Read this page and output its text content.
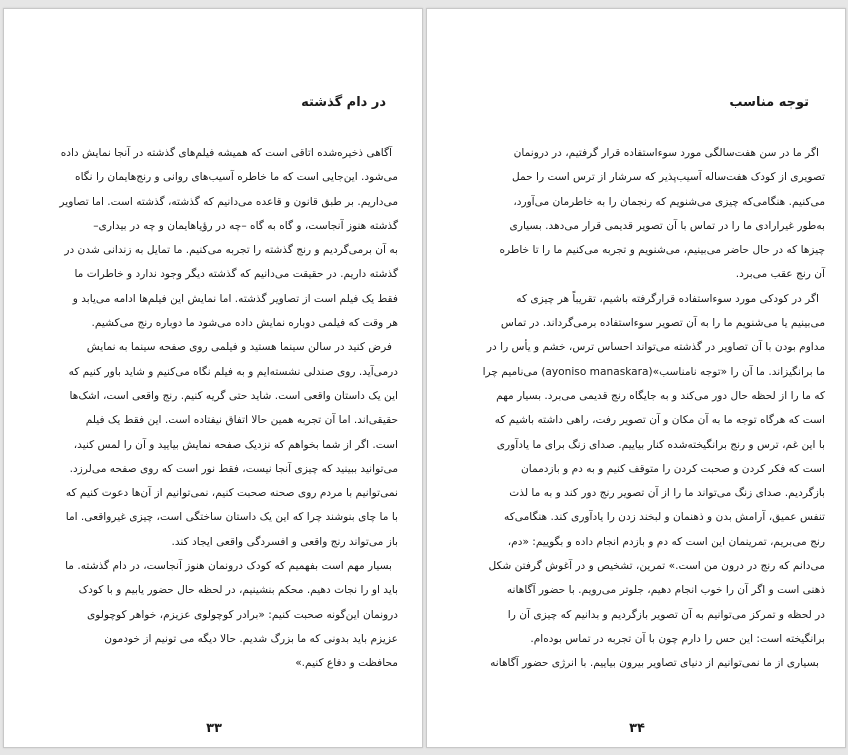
در دام گذشته
آگاهی ذخیره‌شده اتاقی است که همیشه فیلم‌های گذشته در آنجا نمایش داده
می‌شود. این‌جایی است که ما خاطره آسیب‌های روانی و رنج‌هایمان را نگاه
می‌داریم. بر طبق قانون و قاعده می‌دانیم که گذشته، گذشته است. اما تصاویر
گذشته هنوز آنجاست، و گاه به گاه –چه در رؤیاهایمان و چه در بیداری–
به آن برمی‌گردیم و رنج گذشته را تجربه می‌کنیم. ما تمایل به زندانی شدن در
گذشته داریم. در حقیقت می‌دانیم که گذشته دیگر وجود ندارد و خاطرات ما
فقط یک فیلم است از تصاویر گذشته. اما نمایش این فیلم‌ها ادامه می‌یابد و
هر وقت که فیلمی دوباره نمایش داده می‌شود ما دوباره رنج می‌کشیم.
فرض کنید در سالن سینما هستید و فیلمی روی صفحه سینما به نمایش
درمی‌آید. روی صندلی نشسته‌ایم و به فیلم نگاه می‌کنیم و شاید باور کنیم که
این یک داستان واقعی است. شاید حتی گریه کنیم. رنج واقعی است، اشک‌ها
حقیقی‌اند. اما آن تجربه همین حالا اتفاق نیفتاده است. این فقط یک فیلم
است. اگر از شما بخواهم که نزدیک صفحه نمایش بیایید و آن را لمس کنید،
می‌توانید ببینید که چیزی آنجا نیست، فقط نور است که روی صفحه می‌لرزد.
نمی‌توانیم با مردم روی صحنه صحبت کنیم، نمی‌توانیم از آن‌ها دعوت کنیم که
با ما چای بنوشند چرا که این یک داستان ساختگی است، چیزی غیرواقعی. اما
باز می‌تواند رنج واقعی و افسردگی واقعی ایجاد کند.
بسیار مهم است بفهمیم که کودک درونمان هنوز آنجاست، در دام گذشته. ما
باید او را نجات دهیم. محکم بنشینیم، در لحظه حال حضور یابیم و با کودک
درونمان این‌گونه صحبت کنیم: «برادر کوچولوی عزیزم، خواهر کوچولوی
عزیزم باید بدونی که ما بزرگ شدیم. حالا دیگه می تونیم از خودمون
محافظت و دفاع کنیم.»
۳۳
توجه مناسب
اگر ما در سن هفت‌سالگی مورد سوءاستفاده قرار گرفتیم، در درونمان
تصویری از کودک هفت‌ساله آسیب‌پذیر که سرشار از ترس است را حمل
می‌کنیم. هنگامی‌که چیزی می‌شنویم که رنجمان را به خاطرمان می‌آورد،
به‌طور غیرارادی ما را در تماس با آن تصویر قدیمی قرار می‌دهد. بسیاری
چیزها که در حال حاضر می‌بینیم، می‌شنویم و تجربه می‌کنیم ما را تا خاطره
آن رنج عقب می‌برد.
اگر در کودکی مورد سوءاستفاده قرارگرفته باشیم، تقریباً هر چیزی که
می‌بینیم یا می‌شنویم ما را به آن تصویر سوءاستفاده برمی‌گرداند. در تماس
مداوم بودن با آن تصاویر در گذشته می‌تواند احساس ترس، خشم و یأس را در
ما برانگیزاند. ما آن را «توجه نامناسب»(ayoniso manaskara) می‌نامیم چرا
که ما را از لحظه حال دور می‌کند و به جایگاه رنج قدیمی می‌برد. بسیار مهم
است که هرگاه توجه ما به آن مکان و آن تصویر رفت، راهی داشته باشیم که
با این غم، ترس و رنج برانگیخته‌شده کنار بیاییم. صدای زنگ برای ما یادآوری
است که فکر کردن و صحبت کردن را متوقف کنیم و به دم و بازدممان
بازگردیم. صدای زنگ می‌تواند ما را از آن تصویر رنج دور کند و به ما لذت
تنفس عمیق، آرامش بدن و ذهنمان و لبخند زدن را یادآوری کند. هنگامی‌که
رنج می‌بریم، تمرینمان این است که دم و بازدم انجام داده و بگوییم: «دم،
می‌دانم که رنج در درون من است.» تمرین، تشخیص و در آغوش گرفتن شکل
ذهنی است و اگر آن را خوب انجام دهیم، جلوتر می‌رویم. با حضور آگاهانه
در لحظه و تمرکز می‌توانیم به آن تصویر بازگردیم و بدانیم که چیزی آن را
برانگیخته است: این حس را دارم چون با آن تجربه در تماس بوده‌ام.
بسیاری از ما نمی‌توانیم از دنیای تصاویر بیرون بیاییم. با انرژی حضور آگاهانه
۳۴
